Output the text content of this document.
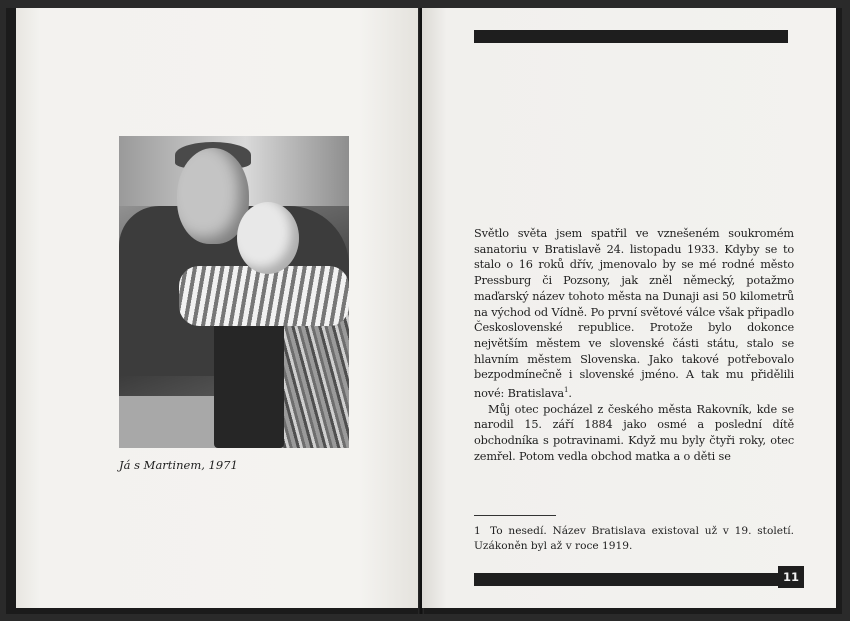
Já s Martinem, 1971

Světlo světa jsem spatřil ve vznešeném soukromém sanatoriu v Bratislavě 24. listopadu 1933. Kdyby se to stalo o 16 roků dřív, jmenovalo by se mé rodné město Pressburg či Pozsony, jak zněl německý, potažmo maďarský název tohoto města na Dunaji asi 50 kilometrů na východ od Vídně. Po první světové válce však připadlo Československé republice. Protože bylo dokonce největším městem ve slovenské části státu, stalo se hlavním městem Slovenska. Jako takové potřebovalo bezpodmínečně i slovenské jméno. A tak mu přidělili nové: Bratislava$^1$.

Můj otec pocházel z českého města Rakovník, kde se narodil 15. září 1884 jako osmé a poslední dítě obchodníka s potravinami. Když mu byly čtyři roky, otec zemřel. Potom vedla obchod matka a o děti se

1 To nesedí. Název Bratislava existoval už v 19. století. Uzákoněn byl až v roce 1919.
11
